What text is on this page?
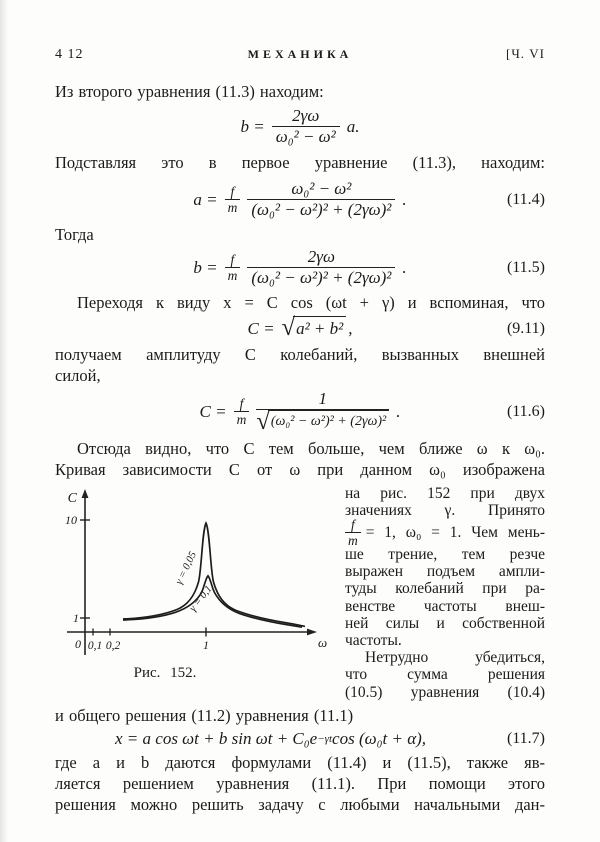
4 12	МЕХАНИКА	[Ч. VI
Из второго уравнения (11.3) находим:
$b = \frac{2\gamma\omega}{\text{ω₀² − ω²}} a$.
Подставляя это в первое уравнение (11.3), находим:
$a = \frac{f}{m} \frac{\text{ω₀² − ω²}}{\text{(ω₀² − ω²)² + (2γω)²}}$ .	(11.4)
Тогда
$b = \frac{f}{m} \frac{2\gamma\omega}{\text{(ω₀² − ω²)² + (2γω)²}}$ .	(11.5)
Переходя к виду x = C cos (ωt + γ) и вспоминая, что
C = √ a² + b² ,	(9.11)
получаем амплитуду C колебаний, вызванных внешней
силой,
$C = \frac{f}{m} \frac{1}{\text{√ (ω₀² − ω²)² + (2γω)²}}$ .	(11.6)
Отсюда видно, что C тем больше, чем ближе ω к ω₀.
Кривая зависимости C от ω при данном ω₀ изображена
C
10
1
0 0,1 0,2	1	ω
γ = 0,05
γ = 0,1
Рис. 152.
на рис. 152 при двух
значениях γ. Принято
$\frac{f}{m} = 1$, ω₀ = 1. Чем мень-
ше трение, тем резче
выражен подъем ампли-
туды колебаний при ра-
венстве частоты внеш-
ней силы и собственной
частоты.
Нетрудно убедиться,
что сумма решения
(10.5) уравнения (10.4)
и общего решения (11.2) уравнения (11.1)
x = a cos ωt + b sin ωt + C₀e −γt cos (ω₀t + α),	(11.7)
где a и b даются формулами (11.4) и (11.5), также яв-
ляется решением уравнения (11.1). При помощи этого
решения можно решить задачу с любыми начальными дан-
